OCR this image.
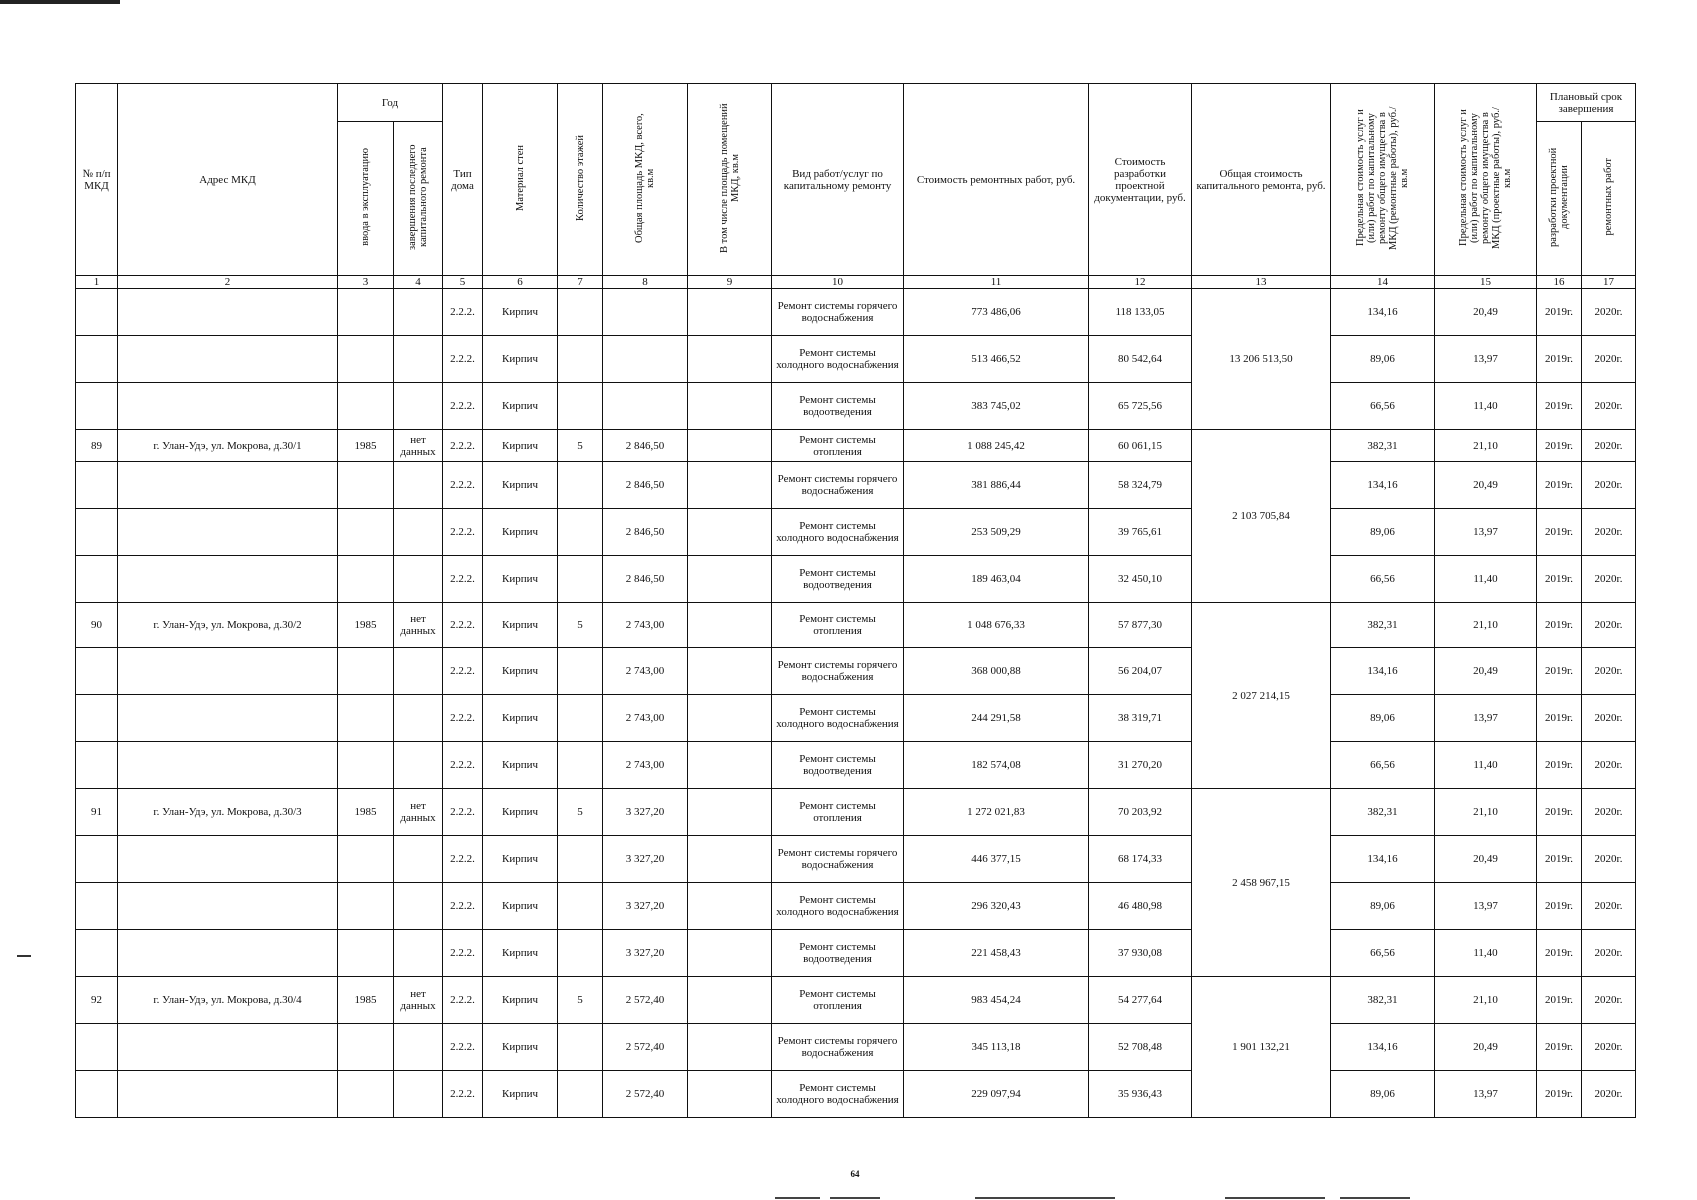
№ п/п МКД	Адрес МКД	Год		Тип дома	Материал стен	Количество этажей	Общая площадь МКД, всего, кв.м	В том числе площадь помещений МКД, кв.м	Вид работ/услуг по капитальному ремонту	Стоимость ремонтных работ, руб.	Стоимость разработки проектной документации, руб.	Общая стоимость капитального ремонта, руб.	Предельная стоимость услуг и (или) работ по капитальному ремонту общего имущества в МКД (ремонтные работы), руб./кв.м	Предельная стоимость услуг и (или) работ по капитальному ремонту общего имущества в МКД (проектные работы), руб./кв.м	Плановый срок завершения	
		ввода в эксплуатацию	завершения последнего капитального ремонта												разработки проектной документации	ремонтных работ
1	2	3	4	5	6	7	8	9	10	11	12	13	14	15	16	17
				2.2.2.	Кирпич				Ремонт системы горячего водоснабжения	773 486,06	118 133,05	13 206 513,50	134,16	20,49	2019г.	2020г.
				2.2.2.	Кирпич				Ремонт системы холодного водоснабжения	513 466,52	80 542,64		89,06	13,97	2019г.	2020г.
				2.2.2.	Кирпич				Ремонт системы водоотведения	383 745,02	65 725,56		66,56	11,40	2019г.	2020г.
89	г. Улан-Удэ, ул. Мокрова, д.30/1	1985	нет данных	2.2.2.	Кирпич	5	2 846,50		Ремонт системы отопления	1 088 245,42	60 061,15	2 103 705,84	382,31	21,10	2019г.	2020г.
				2.2.2.	Кирпич		2 846,50		Ремонт системы горячего водоснабжения	381 886,44	58 324,79		134,16	20,49	2019г.	2020г.
				2.2.2.	Кирпич		2 846,50		Ремонт системы холодного водоснабжения	253 509,29	39 765,61		89,06	13,97	2019г.	2020г.
				2.2.2.	Кирпич		2 846,50		Ремонт системы водоотведения	189 463,04	32 450,10		66,56	11,40	2019г.	2020г.
90	г. Улан-Удэ, ул. Мокрова, д.30/2	1985	нет данных	2.2.2.	Кирпич	5	2 743,00		Ремонт системы отопления	1 048 676,33	57 877,30	2 027 214,15	382,31	21,10	2019г.	2020г.
				2.2.2.	Кирпич		2 743,00		Ремонт системы горячего водоснабжения	368 000,88	56 204,07		134,16	20,49	2019г.	2020г.
				2.2.2.	Кирпич		2 743,00		Ремонт системы холодного водоснабжения	244 291,58	38 319,71		89,06	13,97	2019г.	2020г.
				2.2.2.	Кирпич		2 743,00		Ремонт системы водоотведения	182 574,08	31 270,20		66,56	11,40	2019г.	2020г.
91	г. Улан-Удэ, ул. Мокрова, д.30/3	1985	нет данных	2.2.2.	Кирпич	5	3 327,20		Ремонт системы отопления	1 272 021,83	70 203,92	2 458 967,15	382,31	21,10	2019г.	2020г.
				2.2.2.	Кирпич		3 327,20		Ремонт системы горячего водоснабжения	446 377,15	68 174,33		134,16	20,49	2019г.	2020г.
				2.2.2.	Кирпич		3 327,20		Ремонт системы холодного водоснабжения	296 320,43	46 480,98		89,06	13,97	2019г.	2020г.
				2.2.2.	Кирпич		3 327,20		Ремонт системы водоотведения	221 458,43	37 930,08		66,56	11,40	2019г.	2020г.
92	г. Улан-Удэ, ул. Мокрова, д.30/4	1985	нет данных	2.2.2.	Кирпич	5	2 572,40		Ремонт системы отопления	983 454,24	54 277,64	1 901 132,21	382,31	21,10	2019г.	2020г.
				2.2.2.	Кирпич		2 572,40		Ремонт системы горячего водоснабжения	345 113,18	52 708,48		134,16	20,49	2019г.	2020г.
				2.2.2.	Кирпич		2 572,40		Ремонт системы холодного водоснабжения	229 097,94	35 936,43		89,06	13,97	2019г.	2020г.
64
